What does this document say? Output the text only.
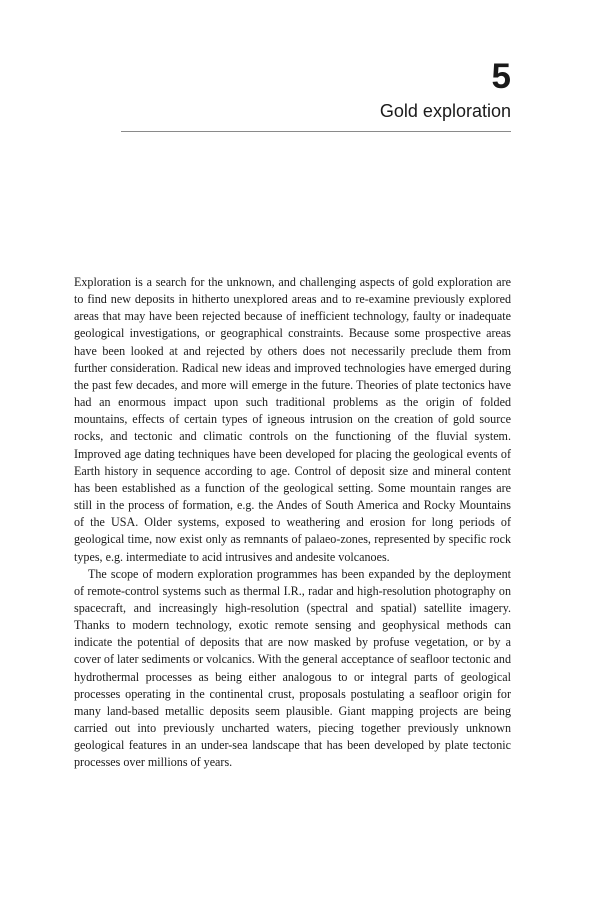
5
Gold exploration

Exploration is a search for the unknown, and challenging aspects of gold exploration are to find new deposits in hitherto unexplored areas and to re-examine previously explored areas that may have been rejected because of inefficient technology, faulty or inadequate geological investigations, or geographical constraints. Because some prospective areas have been looked at and rejected by others does not necessarily preclude them from further consideration. Radical new ideas and improved technologies have emerged during the past few decades, and more will emerge in the future. Theories of plate tectonics have had an enormous impact upon such traditional problems as the origin of folded mountains, effects of certain types of igneous intrusion on the creation of gold source rocks, and tectonic and climatic controls on the functioning of the fluvial system. Improved age dating techniques have been developed for placing the geological events of Earth history in sequence according to age. Control of deposit size and mineral content has been established as a function of the geological setting. Some mountain ranges are still in the process of formation, e.g. the Andes of South America and Rocky Mountains of the USA. Older systems, exposed to weathering and erosion for long periods of geological time, now exist only as remnants of palaeo-zones, represented by specific rock types, e.g. intermediate to acid intrusives and andesite volcanoes.

The scope of modern exploration programmes has been expanded by the deployment of remote-control systems such as thermal I.R., radar and high-resolution photography on spacecraft, and increasingly high-resolution (spectral and spatial) satellite imagery. Thanks to modern technology, exotic remote sensing and geophysical methods can indicate the potential of deposits that are now masked by profuse vegetation, or by a cover of later sediments or volcanics. With the general acceptance of seafloor tectonic and hydrothermal processes as being either analogous to or integral parts of geological processes operating in the continental crust, proposals postulating a seafloor origin for many land-based metallic deposits seem plausible. Giant mapping projects are being carried out into previously uncharted waters, piecing together previously unknown geological features in an under-sea landscape that has been developed by plate tectonic processes over millions of years.
